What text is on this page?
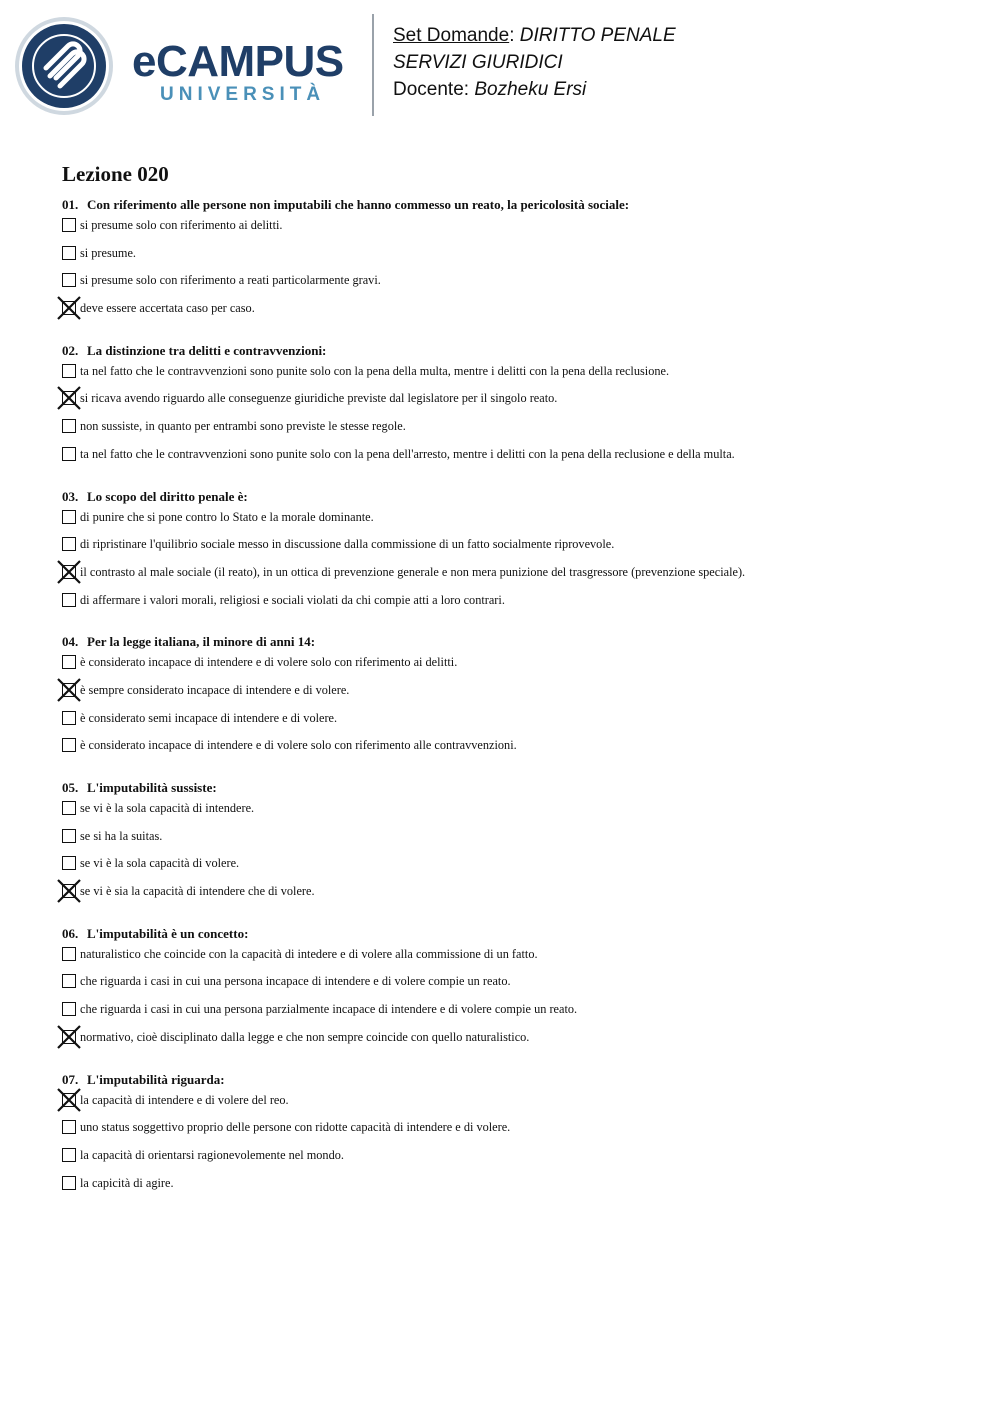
eCAMPUS
UNIVERSITÀ
Set Domande: DIRITTO PENALE
SERVIZI GIURIDICI
Docente: Bozheku Ersi
Lezione 020
01. Con riferimento alle persone non imputabili che hanno commesso un reato, la pericolosità sociale:
si presume solo con riferimento ai delitti.
si presume.
si presume solo con riferimento a reati particolarmente gravi.
deve essere accertata caso per caso.
02. La distinzione tra delitti e contravvenzioni:
ta nel fatto che le contravvenzioni sono punite solo con la pena della multa, mentre i delitti con la pena della reclusione.
si ricava avendo riguardo alle conseguenze giuridiche previste dal legislatore per il singolo reato.
non sussiste, in quanto per entrambi sono previste le stesse regole.
ta nel fatto che le contravvenzioni sono punite solo con la pena dell'arresto, mentre i delitti con la pena della reclusione e della multa.
03. Lo scopo del diritto penale è:
di punire che si pone contro lo Stato e la morale dominante.
di ripristinare l'quilibrio sociale messo in discussione dalla commissione di un fatto socialmente riprovevole.
il contrasto al male sociale (il reato), in un ottica di prevenzione generale e non mera punizione del trasgressore (prevenzione speciale).
di affermare i valori morali, religiosi e sociali violati da chi compie atti a loro contrari.
04. Per la legge italiana, il minore di anni 14:
è considerato incapace di intendere e di volere solo con riferimento ai delitti.
è sempre considerato incapace di intendere e di volere.
è considerato semi incapace di intendere e di volere.
è considerato incapace di intendere e di volere solo con riferimento alle contravvenzioni.
05. L'imputabilità sussiste:
se vi è la sola capacità di intendere.
se si ha la suitas.
se vi è la sola capacità di volere.
se vi è sia la capacità di intendere che di volere.
06. L'imputabilità è un concetto:
naturalistico che coincide con la capacità di intedere e di volere alla commissione di un fatto.
che riguarda i casi in cui una persona incapace di intendere e di volere compie un reato.
che riguarda i casi in cui una persona parzialmente incapace di intendere e di volere compie un reato.
normativo, cioè disciplinato dalla legge e che non sempre coincide con quello naturalistico.
07. L'imputabilità riguarda:
la capacità di intendere e di volere del reo.
uno status soggettivo proprio delle persone con ridotte capacità di intendere e di volere.
la capacità di orientarsi ragionevolemente nel mondo.
la capicità di agire.
